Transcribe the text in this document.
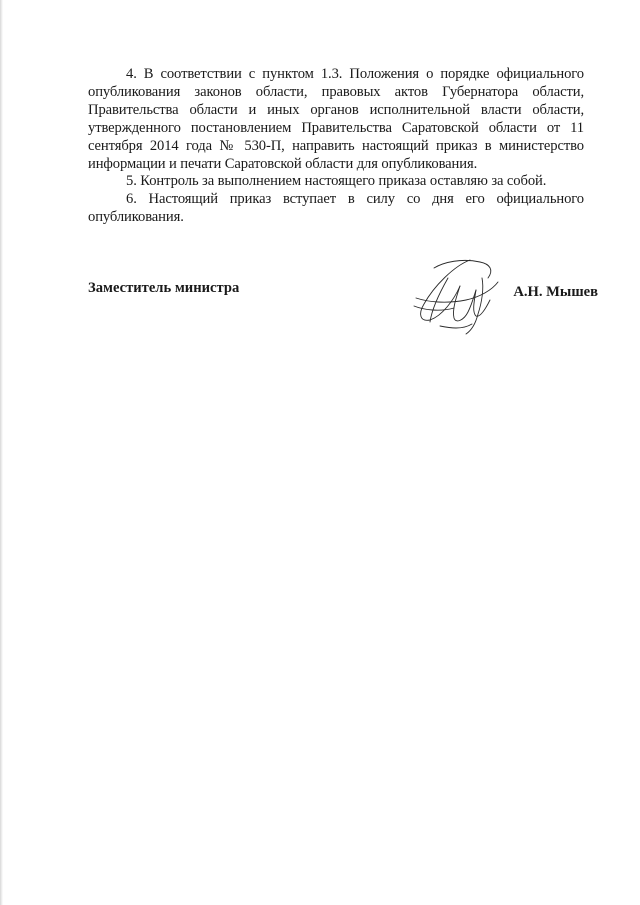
4. В соответствии с пунктом 1.3. Положения о порядке официального опубликования законов области, правовых актов Губернатора области, Правительства области и иных органов исполнительной власти области, утвержденного постановлением Правительства Саратовской области от 11 сентября 2014 года № 530-П, направить настоящий приказ в министерство информации и печати Саратовской области для опубликования.

5. Контроль за выполнением настоящего приказа оставляю за собой.

6. Настоящий приказ вступает в силу со дня его официального опубликования.

Заместитель министра	А.Н. Мышев
